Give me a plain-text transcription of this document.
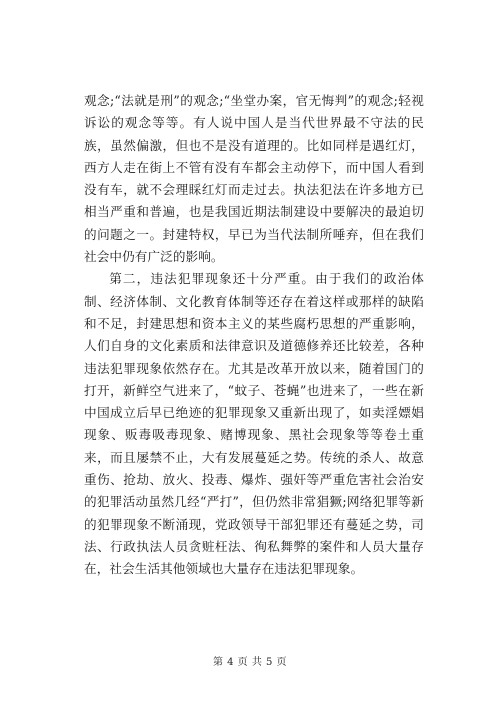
观念;“法就是刑”的观念;“坐堂办案，官无悔判”的观念;轻视诉讼的观念等等。有人说中国人是当代世界最不守法的民族，虽然偏激，但也不是没有道理的。比如同样是遇红灯，西方人走在街上不管有没有车都会主动停下，而中国人看到没有车，就不会理睬红灯而走过去。执法犯法在许多地方已相当严重和普遍，也是我国近期法制建设中要解决的最迫切的问题之一。封建特权，早已为当代法制所唾弃，但在我们社会中仍有广泛的影响。

第二，违法犯罪现象还十分严重。由于我们的政治体制、经济体制、文化教育体制等还存在着这样或那样的缺陷和不足，封建思想和资本主义的某些腐朽思想的严重影响，人们自身的文化素质和法律意识及道德修养还比较差，各种违法犯罪现象依然存在。尤其是改革开放以来，随着国门的打开，新鲜空气进来了，“蚊子、苍蝇”也进来了，一些在新中国成立后早已绝迹的犯罪现象又重新出现了，如卖淫嫖娼现象、贩毒吸毒现象、赌博现象、黑社会现象等等卷土重来，而且屡禁不止，大有发展蔓延之势。传统的杀人、故意重伤、抢劫、放火、投毒、爆炸、强奸等严重危害社会治安的犯罪活动虽然几经“严打”，但仍然非常猖獗;网络犯罪等新的犯罪现象不断涌现，党政领导干部犯罪还有蔓延之势，司法、行政执法人员贪赃枉法、徇私舞弊的案件和人员大量存在，社会生活其他领域也大量存在违法犯罪现象。

第 4 页 共 5 页
